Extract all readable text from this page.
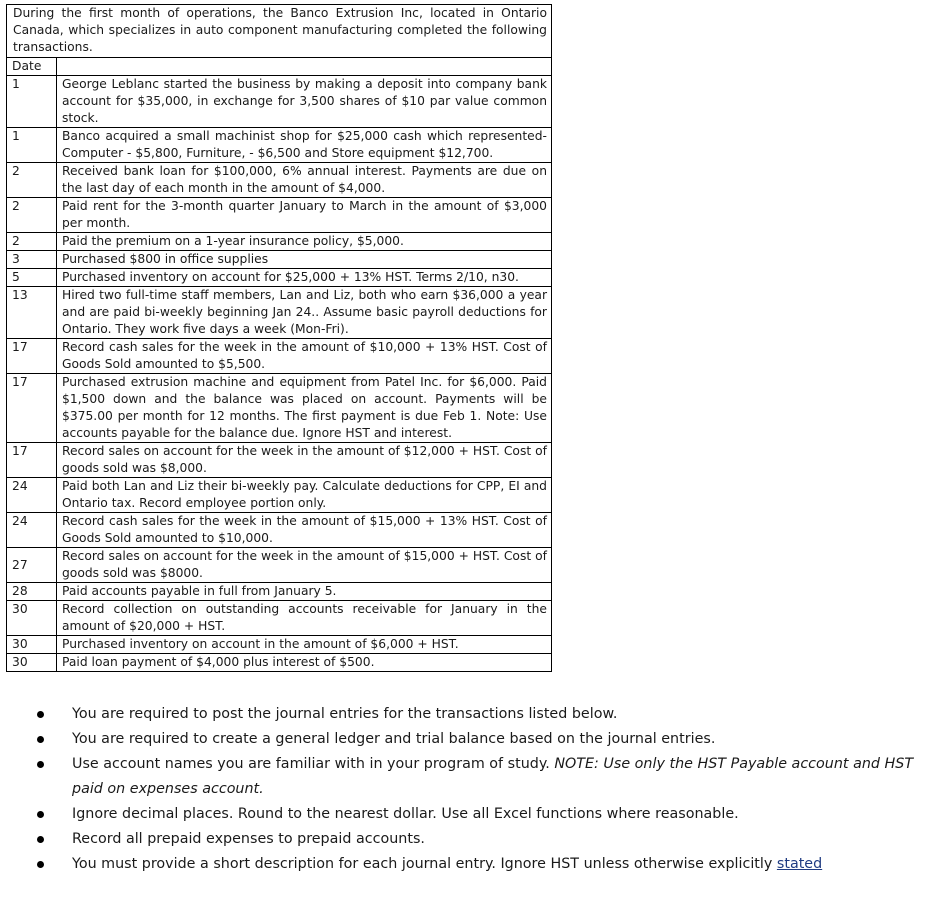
During the first month of operations, the Banco Extrusion Inc, located in Ontario Canada, which specializes in auto component manufacturing completed the following transactions.
Date	
1	George Leblanc started the business by making a deposit into company bank account for $35,000, in exchange for 3,500 shares of $10 par value common stock.
1	Banco acquired a small machinist shop for $25,000 cash which represented- Computer - $5,800, Furniture, - $6,500 and Store equipment $12,700.
2	Received bank loan for $100,000, 6% annual interest. Payments are due on the last day of each month in the amount of $4,000.
2	Paid rent for the 3-month quarter January to March in the amount of $3,000 per month.
2	Paid the premium on a 1-year insurance policy, $5,000.
3	Purchased $800 in office supplies
5	Purchased inventory on account for $25,000 + 13% HST. Terms 2/10, n30.
13	Hired two full-time staff members, Lan and Liz, both who earn $36,000 a year and are paid bi-weekly beginning Jan 24.. Assume basic payroll deductions for Ontario. They work five days a week (Mon-Fri).
17	Record cash sales for the week in the amount of $10,000 + 13% HST. Cost of Goods Sold amounted to $5,500.
17	Purchased extrusion machine and equipment from Patel Inc. for $6,000. Paid $1,500 down and the balance was placed on account. Payments will be $375.00 per month for 12 months. The first payment is due Feb 1. Note: Use accounts payable for the balance due. Ignore HST and interest.
17	Record sales on account for the week in the amount of $12,000 + HST. Cost of goods sold was $8,000.
24	Paid both Lan and Liz their bi-weekly pay. Calculate deductions for CPP, EI and Ontario tax. Record employee portion only.
24	Record cash sales for the week in the amount of $15,000 + 13% HST. Cost of Goods Sold amounted to $10,000.
27	Record sales on account for the week in the amount of $15,000 + HST. Cost of goods sold was $8000.
28	Paid accounts payable in full from January 5.
30	Record collection on outstanding accounts receivable for January in the amount of $20,000 + HST.
30	Purchased inventory on account in the amount of $6,000 + HST.
30	Paid loan payment of $4,000 plus interest of $500.
You are required to post the journal entries for the transactions listed below.
You are required to create a general ledger and trial balance based on the journal entries.
Use account names you are familiar with in your program of study. NOTE: Use only the HST Payable account and HST paid on expenses account.
Ignore decimal places. Round to the nearest dollar. Use all Excel functions where reasonable.
Record all prepaid expenses to prepaid accounts.
You must provide a short description for each journal entry. Ignore HST unless otherwise explicitly stated
